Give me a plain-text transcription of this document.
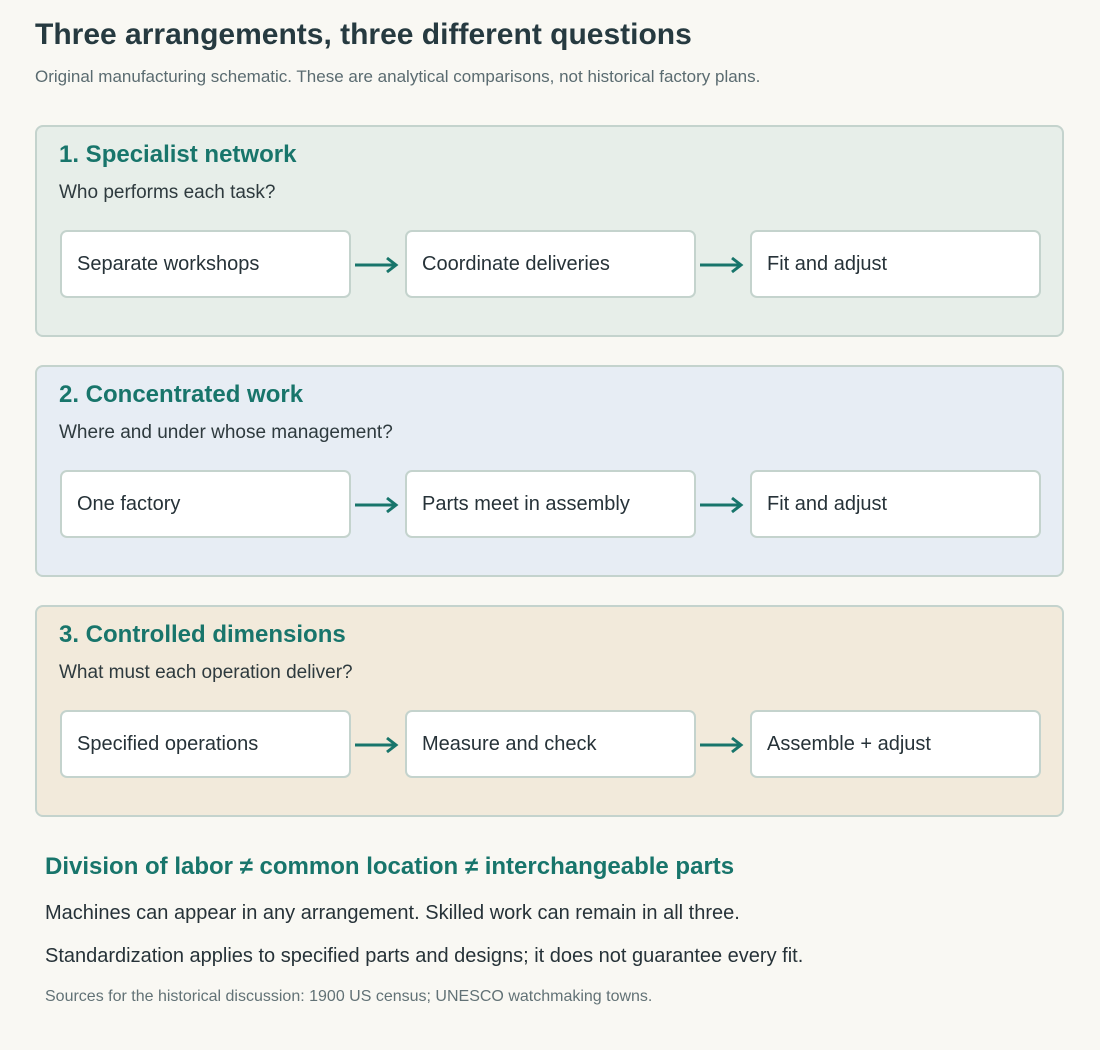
Three arrangements, three different questions

Original manufacturing schematic. These are analytical comparisons, not historical factory plans.

1. Specialist network

Who performs each task?

Separate workshops	Coordinate deliveries	Fit and adjust
2. Concentrated work

Where and under whose management?

One factory	Parts meet in assembly	Fit and adjust
3. Controlled dimensions

What must each operation deliver?

Specified operations	Measure and check	Assemble + adjust
Division of labor ≠ common location ≠ interchangeable parts

Machines can appear in any arrangement. Skilled work can remain in all three.

Standardization applies to specified parts and designs; it does not guarantee every fit.

Sources for the historical discussion: 1900 US census; UNESCO watchmaking towns.
